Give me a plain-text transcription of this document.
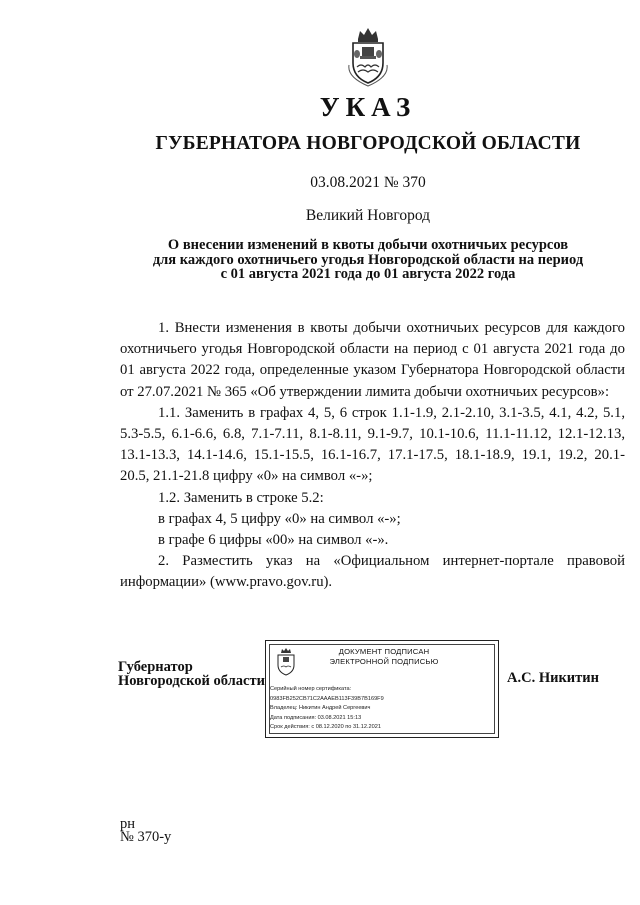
УКАЗ
ГУБЕРНАТОРА НОВГОРОДСКОЙ ОБЛАСТИ
03.08.2021 № 370
Великий Новгород
О внесении изменений в квоты добычи охотничьих ресурсов
для каждого охотничьего угодья Новгородской области на период
с 01 августа 2021 года до 01 августа 2022 года

1. Внести изменения в квоты добычи охотничьих ресурсов для каждого охотничьего угодья Новгородской области на период с 01 августа 2021 года до 01 августа 2022 года, определенные указом Губернатора Новгородской области от 27.07.2021 № 365 «Об утверждении лимита добычи охотничьих ресурсов»:

1.1. Заменить в графах 4, 5, 6 строк 1.1-1.9, 2.1-2.10, 3.1-3.5, 4.1, 4.2, 5.1, 5.3-5.5, 6.1-6.6, 6.8, 7.1-7.11, 8.1-8.11, 9.1-9.7, 10.1-10.6, 11.1-11.12, 12.1-12.13, 13.1-13.3, 14.1-14.6, 15.1-15.5, 16.1-16.7, 17.1-17.5, 18.1-18.9, 19.1, 19.2, 20.1-20.5, 21.1-21.8 цифру «0» на символ «-»;

1.2. Заменить в строке 5.2:

в графах 4, 5 цифру «0» на символ «-»;

в графе 6 цифры «00» на символ «-».

2. Разместить указ на «Официальном интернет-портале правовой информации» (www.pravo.gov.ru).

Губернатор
Новгородской области
ДОКУМЕНТ ПОДПИСАН
ЭЛЕКТРОННОЙ ПОДПИСЬЮ
Серийный номер сертификата:
0983FB252CB71C2AAAEB113F39B7B169F9
Владелец: Никитин Андрей Сергеевич
Дата подписания: 03.08.2021 15:13
Срок действия: с 08.12.2020 по 31.12.2021
А.С. Никитин
рн
№ 370-у
